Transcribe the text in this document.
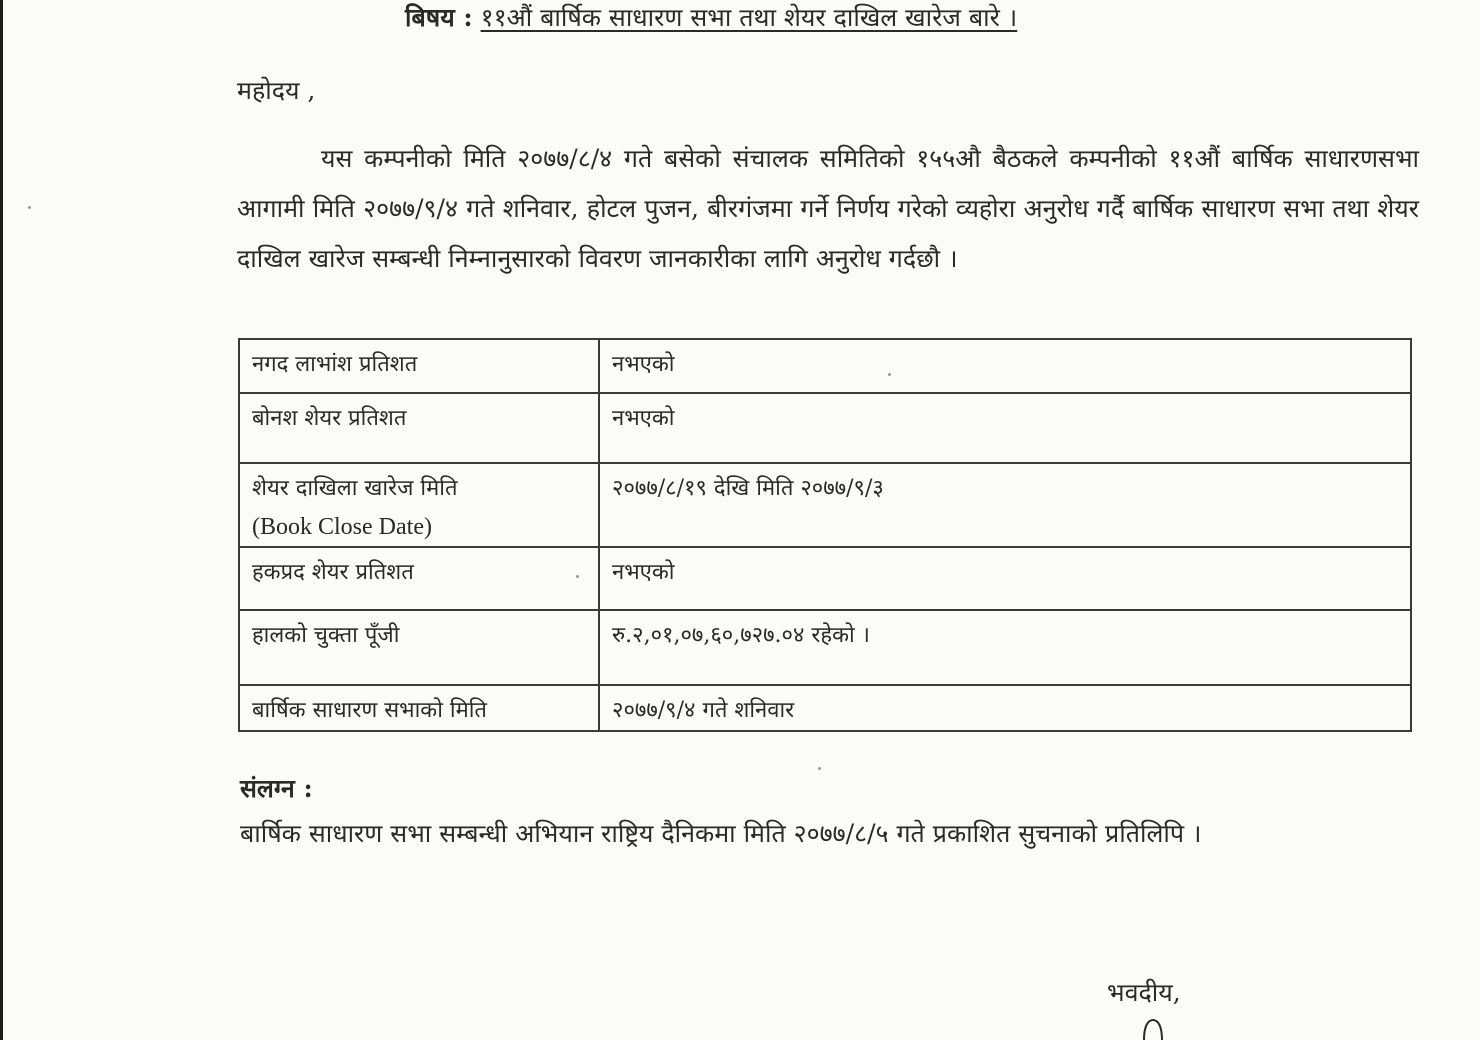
बिषय : ११औं बार्षिक साधारण सभा तथा शेयर दाखिल खारेज बारे ।
महोदय ,

यस कम्पनीको मिति २०७७/८/४ गते बसेको संचालक समितिको १५५औ बैठकले कम्पनीको ११औं बार्षिक साधारणसभा आगामी मिति २०७७/९/४ गते शनिवार, होटल पुजन, बीरगंजमा गर्ने निर्णय गरेको व्यहोरा अनुरोध गर्दै बार्षिक साधारण सभा तथा शेयर दाखिल खारेज सम्बन्धी निम्नानुसारको विवरण जानकारीका लागि अनुरोध गर्दछौ ।

नगद लाभांश प्रतिशत	नभएको
बोनश शेयर प्रतिशत	नभएको
शेयर दाखिला खारेज मिति
(Book Close Date)	२०७७/८/१९ देखि मिति २०७७/९/३
हकप्रद शेयर प्रतिशत	नभएको
हालको चुक्ता पूँजी	रु.२,०१,०७,६०,७२७.०४ रहेको ।
बार्षिक साधारण सभाको मिति	२०७७/९/४ गते शनिवार
संलग्न :

बार्षिक साधारण सभा सम्बन्धी अभियान राष्ट्रिय दैनिकमा मिति २०७७/८/५ गते प्रकाशित सुचनाको प्रतिलिपि ।

भवदीय,
